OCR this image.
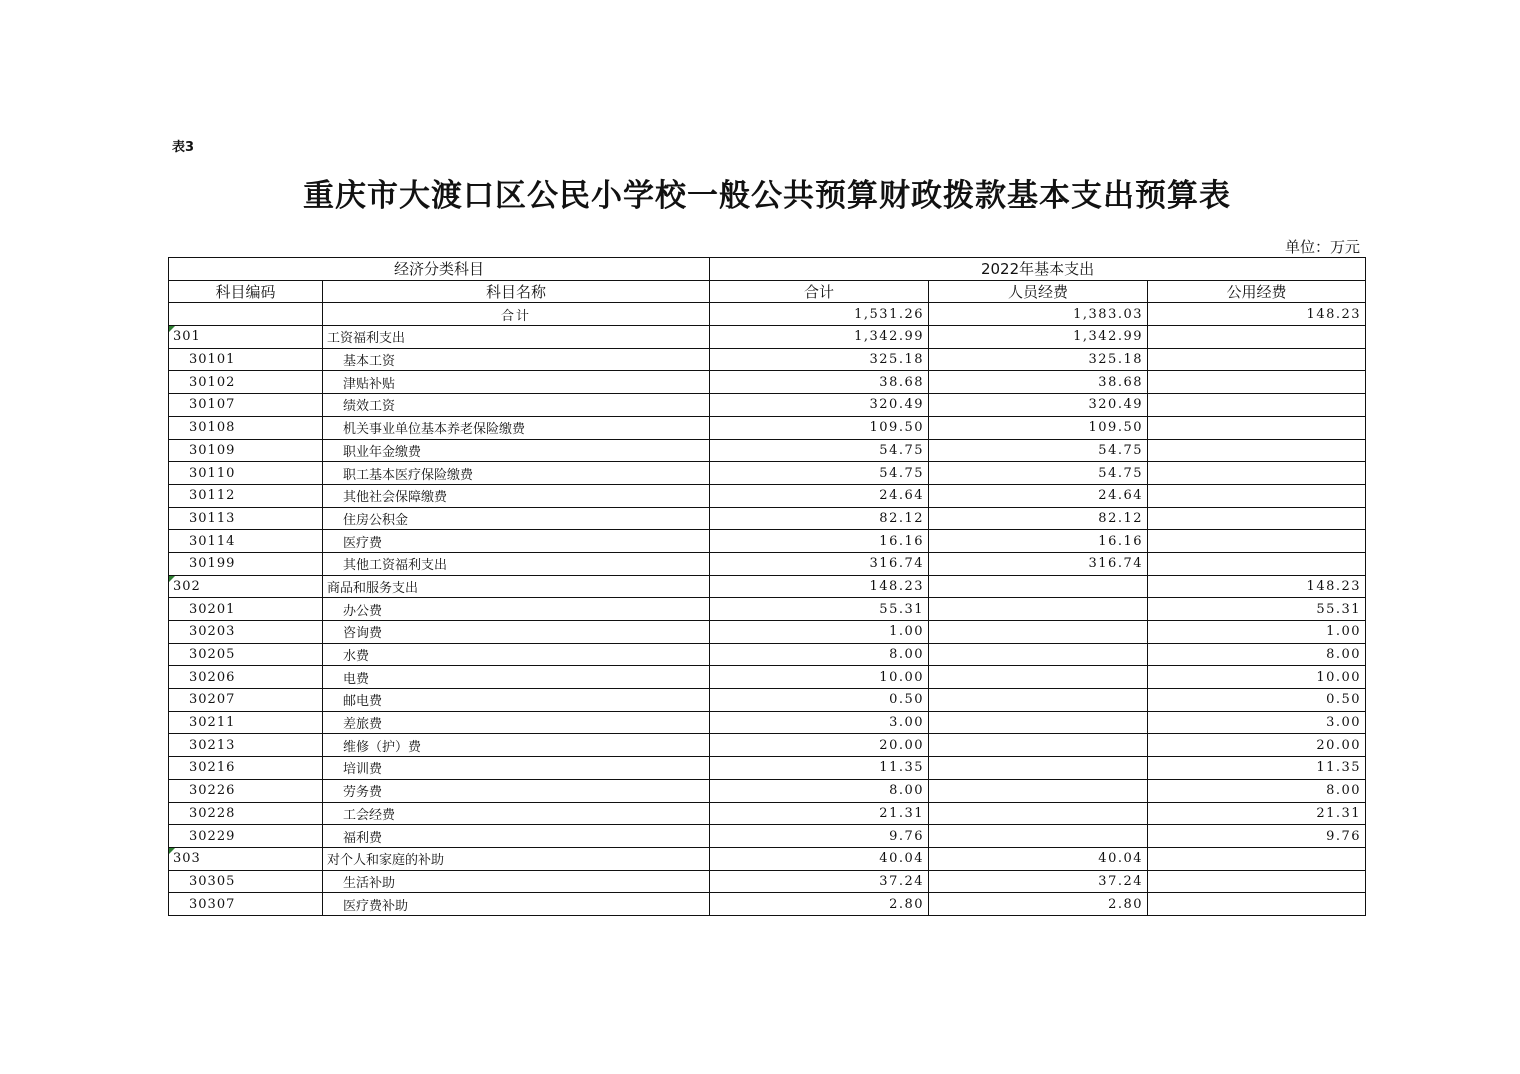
表3
重庆市大渡口区公民小学校一般公共预算财政拨款基本支出预算表
单位：万元
经济分类科目		2022年基本支出		
科目编码	科目名称	合计	人员经费	公用经费
	合计	1,531.26	1,383.03	148.23
301	工资福利支出	1,342.99	1,342.99	
30101	基本工资	325.18	325.18	
30102	津贴补贴	38.68	38.68	
30107	绩效工资	320.49	320.49	
30108	机关事业单位基本养老保险缴费	109.50	109.50	
30109	职业年金缴费	54.75	54.75	
30110	职工基本医疗保险缴费	54.75	54.75	
30112	其他社会保障缴费	24.64	24.64	
30113	住房公积金	82.12	82.12	
30114	医疗费	16.16	16.16	
30199	其他工资福利支出	316.74	316.74	
302	商品和服务支出	148.23		148.23
30201	办公费	55.31		55.31
30203	咨询费	1.00		1.00
30205	水费	8.00		8.00
30206	电费	10.00		10.00
30207	邮电费	0.50		0.50
30211	差旅费	3.00		3.00
30213	维修（护）费	20.00		20.00
30216	培训费	11.35		11.35
30226	劳务费	8.00		8.00
30228	工会经费	21.31		21.31
30229	福利费	9.76		9.76
303	对个人和家庭的补助	40.04	40.04	
30305	生活补助	37.24	37.24	
30307	医疗费补助	2.80	2.80	
